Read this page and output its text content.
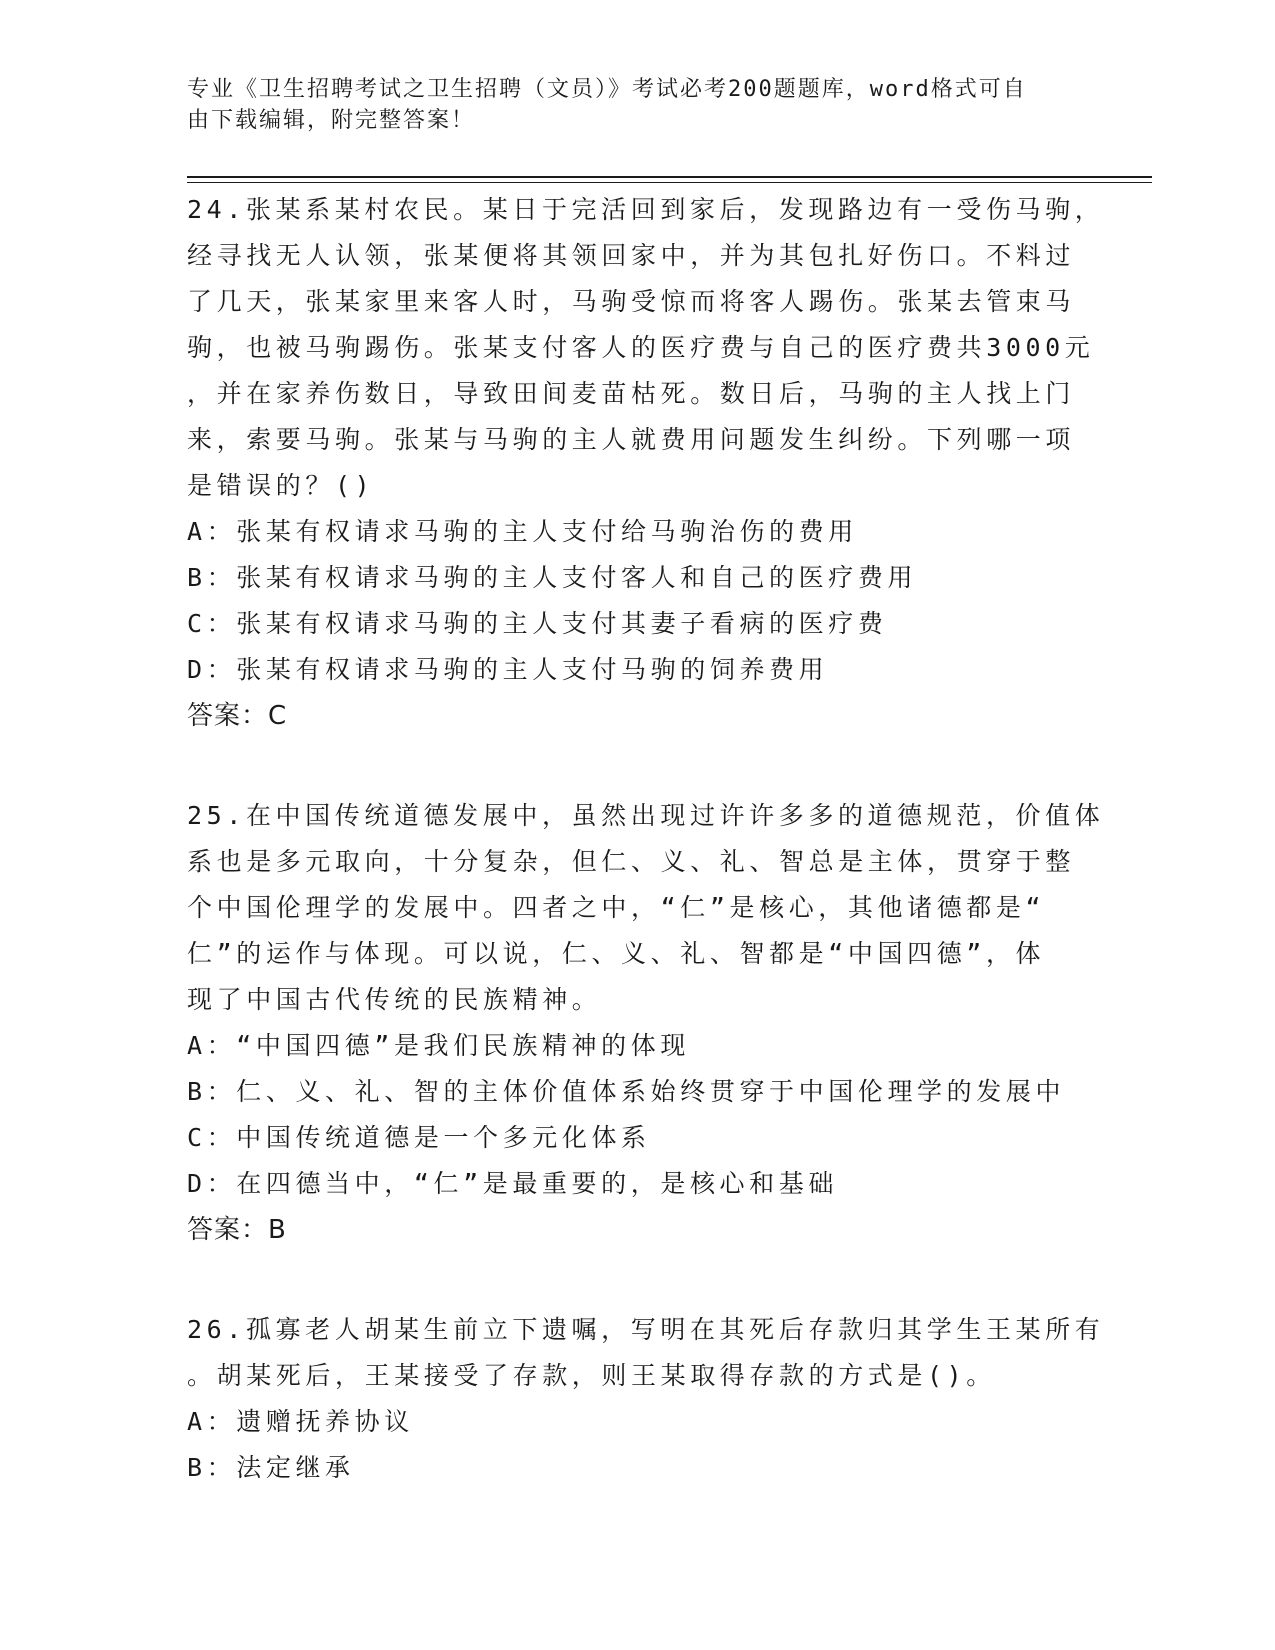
专业《卫生招聘考试之卫生招聘（文员）》考试必考200题题库，word格式可自
由下载编辑，附完整答案！
24.张某系某村农民。某日于完活回到家后，发现路边有一受伤马驹，
经寻找无人认领，张某便将其领回家中，并为其包扎好伤口。不料过
了几天，张某家里来客人时，马驹受惊而将客人踢伤。张某去管束马
驹，也被马驹踢伤。张某支付客人的医疗费与自己的医疗费共3000元
，并在家养伤数日，导致田间麦苗枯死。数日后，马驹的主人找上门
来，索要马驹。张某与马驹的主人就费用问题发生纠纷。下列哪一项
是错误的？()
A：张某有权请求马驹的主人支付给马驹治伤的费用
B：张某有权请求马驹的主人支付客人和自己的医疗费用
C：张某有权请求马驹的主人支付其妻子看病的医疗费
D：张某有权请求马驹的主人支付马驹的饲养费用
答案：C
25.在中国传统道德发展中，虽然出现过许许多多的道德规范，价值体
系也是多元取向，十分复杂，但仁、义、礼、智总是主体，贯穿于整
个中国伦理学的发展中。四者之中，“仁”是核心，其他诸德都是“
仁”的运作与体现。可以说，仁、义、礼、智都是“中国四德”，体
现了中国古代传统的民族精神。
A：“中国四德”是我们民族精神的体现
B：仁、义、礼、智的主体价值体系始终贯穿于中国伦理学的发展中
C：中国传统道德是一个多元化体系
D：在四德当中，“仁”是最重要的，是核心和基础
答案：B
26.孤寡老人胡某生前立下遗嘱，写明在其死后存款归其学生王某所有
。胡某死后，王某接受了存款，则王某取得存款的方式是()。
A：遗赠抚养协议
B：法定继承
